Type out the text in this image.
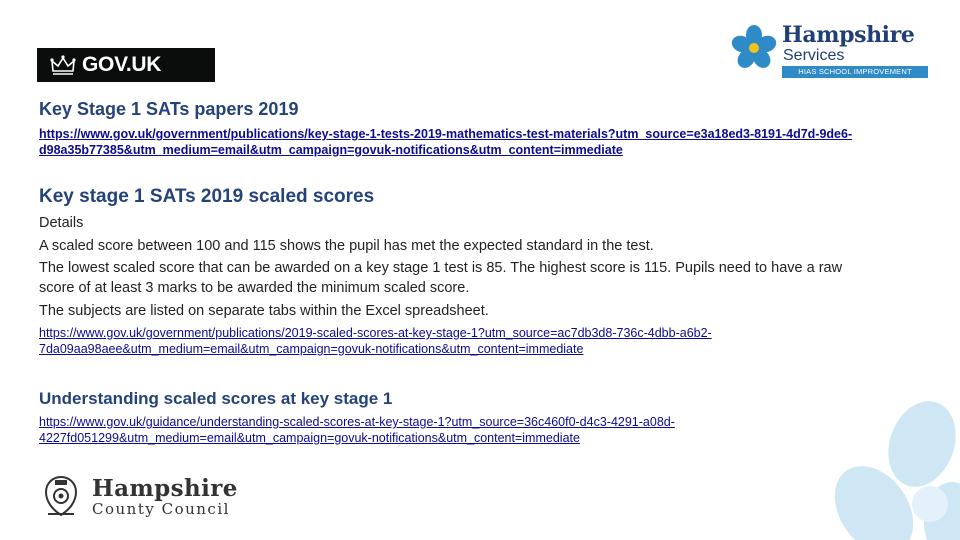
GOV.UK
Hampshire
Services
HIAS SCHOOL IMPROVEMENT
Key Stage 1 SATs papers 2019
https://www.gov.uk/government/publications/key-stage-1-tests-2019-mathematics-test-materials?utm_source=e3a18ed3-8191-4d7d-9de6-d98a35b77385&utm_medium=email&utm_campaign=govuk-notifications&utm_content=immediate
Key stage 1 SATs 2019 scaled scores

Details

A scaled score between 100 and 115 shows the pupil has met the expected standard in the test.

The lowest scaled score that can be awarded on a key stage 1 test is 85. The highest score is 115. Pupils need to have a raw score of at least 3 marks to be awarded the minimum scaled score.

The subjects are listed on separate tabs within the Excel spreadsheet.

https://www.gov.uk/government/publications/2019-scaled-scores-at-key-stage-1?utm_source=ac7db3d8-736c-4dbb-a6b2-7da09aa98aee&utm_medium=email&utm_campaign=govuk-notifications&utm_content=immediate
Understanding scaled scores at key stage 1
https://www.gov.uk/guidance/understanding-scaled-scores-at-key-stage-1?utm_source=36c460f0-d4c3-4291-a08d-4227fd051299&utm_medium=email&utm_campaign=govuk-notifications&utm_content=immediate
Hampshire
County Council
